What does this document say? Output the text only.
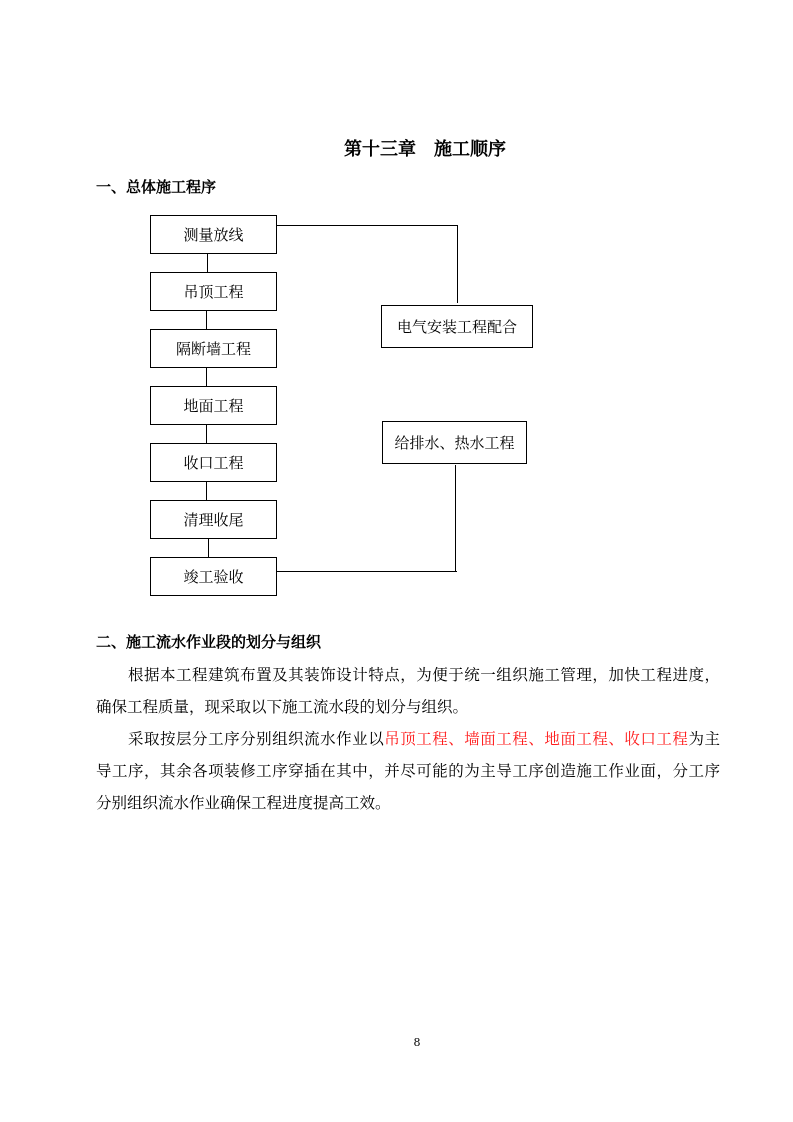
第十三章　施工顺序
一、总体施工程序
测量放线
吊顶工程
隔断墙工程
地面工程
收口工程
清理收尾
竣工验收
电气安装工程配合
给排水、热水工程
二、施工流水作业段的划分与组织
根据本工程建筑布置及其装饰设计特点，为便于统一组织施工管理，加快工程进度，
确保工程质量，现采取以下施工流水段的划分与组织。
采取按层分工序分别组织流水作业以吊顶工程、墙面工程、地面工程、收口工程为主
导工序，其余各项装修工序穿插在其中，并尽可能的为主导工序创造施工作业面，分工序
分别组织流水作业确保工程进度提高工效。
8
